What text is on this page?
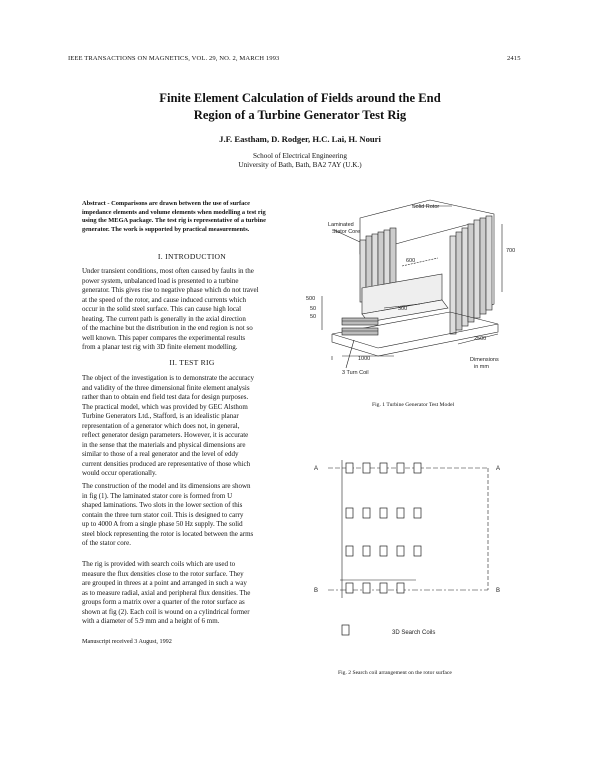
IEEE TRANSACTIONS ON MAGNETICS, VOL. 29, NO. 2, MARCH 1993	2415
Finite Element Calculation of Fields around the End
Region of a Turbine Generator Test Rig
J.F. Eastham, D. Rodger, H.C. Lai, H. Nouri
School of Electrical Engineering
University of Bath, Bath, BA2 7AY (U.K.)
Abstract - Comparisons are drawn between the use of surface
impedance elements and volume elements when modelling a test rig
using the MEGA package. The test rig is representative of a turbine
generator. The work is supported by practical measurements.
I. INTRODUCTION
Under transient conditions, most often caused by faults in the
power system, unbalanced load is presented to a turbine
generator. This gives rise to negative phase which do not travel
at the speed of the rotor, and cause induced currents which
occur in the solid steel surface. This can cause high local
heating. The current path is generally in the axial direction
of the machine but the distribution in the end region is not so
well known. This paper compares the experimental results
from a planar test rig with 3D finite element modelling.
II. TEST RIG
The object of the investigation is to demonstrate the accuracy
and validity of the three dimensional finite element analysis
rather than to obtain end field test data for design purposes.
The practical model, which was provided by GEC Alsthom
Turbine Generators Ltd., Stafford, is an idealistic planar
representation of a generator which does not, in general,
reflect generator design parameters. However, it is accurate
in the sense that the materials and physical dimensions are
similar to those of a real generator and the level of eddy
current densities produced are representative of those which
would occur operationally.
The construction of the model and its dimensions are shown
in fig (1). The laminated stator core is formed from U
shaped laminations. Two slots in the lower section of this
contain the three turn stator coil. This is designed to carry
up to 4000 A from a single phase 50 Hz supply. The solid
steel block representing the rotor is located between the arms
of the stator core.
The rig is provided with search coils which are used to
measure the flux densities close to the rotor surface. They
are grouped in threes at a point and arranged in such a way
as to measure radial, axial and peripheral flux densities. The
groups form a matrix over a quarter of the rotor surface as
shown at fig (2). Each coil is wound on a cylindrical former
with a diameter of 5.9 mm and a height of 6 mm.
Manuscript received 3 August, 1992
Solid Rotor
Laminated
Stator Core
600
700
500
300
50
50
2500
1000	Dimensions
in mm
3 Turn Coil
Fig. 1 Turbine Generator Test Model
A	A
B	B
3D Search Coils
Fig. 2 Search coil arrangement on the rotor surface
